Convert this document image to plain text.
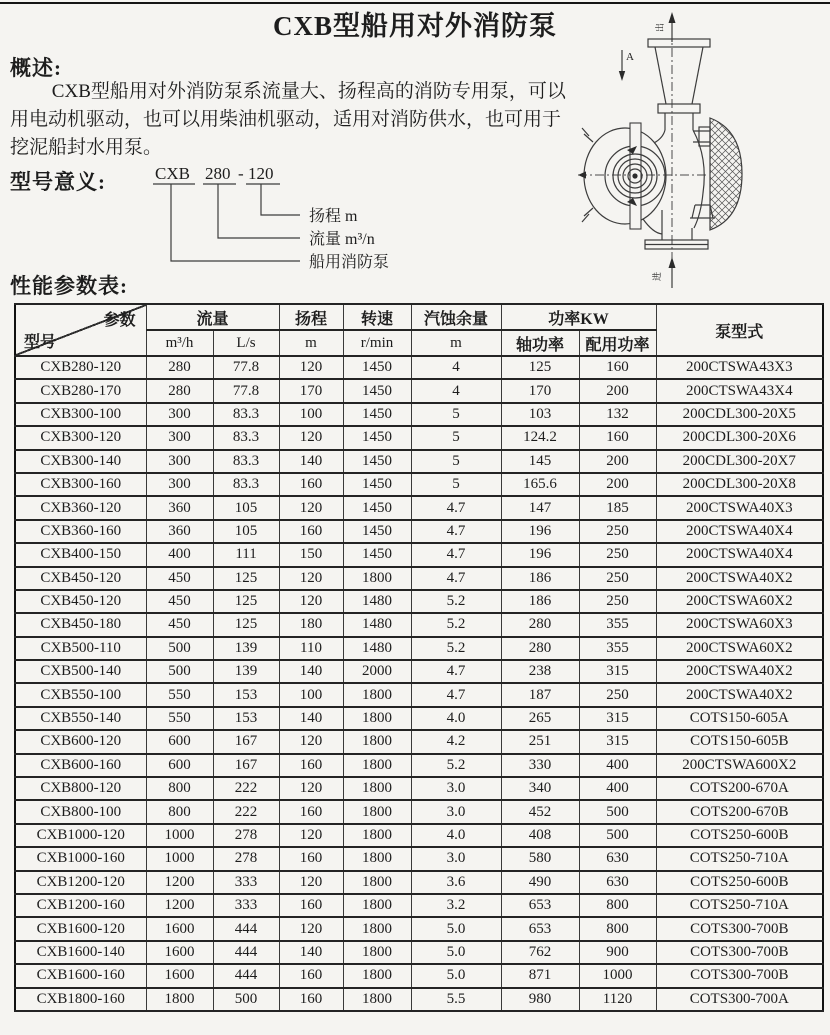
CXB型船用对外消防泵	出
A
进
概述:

CXB型船用对外消防泵系流量大、扬程高的消防专用泵，可以用电动机驱动，也可以用柴油机驱动，适用对消防供水，也可用于挖泥船封水用泵。

型号意义:	CXB 280 - 120
扬程 m
流量 m³/n
船用消防泵
性能参数表:
参数
型号	流量		扬程	转速	汽蚀余量	功率KW		泵型式
	m³/h	L/s	m	r/min	m	轴功率	配用功率	
CXB280-120	280	77.8	120	1450	4	125	160	200CTSWA43X3
CXB280-170	280	77.8	170	1450	4	170	200	200CTSWA43X4
CXB300-100	300	83.3	100	1450	5	103	132	200CDL300-20X5
CXB300-120	300	83.3	120	1450	5	124.2	160	200CDL300-20X6
CXB300-140	300	83.3	140	1450	5	145	200	200CDL300-20X7
CXB300-160	300	83.3	160	1450	5	165.6	200	200CDL300-20X8
CXB360-120	360	105	120	1450	4.7	147	185	200CTSWA40X3
CXB360-160	360	105	160	1450	4.7	196	250	200CTSWA40X4
CXB400-150	400	111	150	1450	4.7	196	250	200CTSWA40X4
CXB450-120	450	125	120	1800	4.7	186	250	200CTSWA40X2
CXB450-120	450	125	120	1480	5.2	186	250	200CTSWA60X2
CXB450-180	450	125	180	1480	5.2	280	355	200CTSWA60X3
CXB500-110	500	139	110	1480	5.2	280	355	200CTSWA60X2
CXB500-140	500	139	140	2000	4.7	238	315	200CTSWA40X2
CXB550-100	550	153	100	1800	4.7	187	250	200CTSWA40X2
CXB550-140	550	153	140	1800	4.0	265	315	COTS150-605A
CXB600-120	600	167	120	1800	4.2	251	315	COTS150-605B
CXB600-160	600	167	160	1800	5.2	330	400	200CTSWA600X2
CXB800-120	800	222	120	1800	3.0	340	400	COTS200-670A
CXB800-100	800	222	160	1800	3.0	452	500	COTS200-670B
CXB1000-120	1000	278	120	1800	4.0	408	500	COTS250-600B
CXB1000-160	1000	278	160	1800	3.0	580	630	COTS250-710A
CXB1200-120	1200	333	120	1800	3.6	490	630	COTS250-600B
CXB1200-160	1200	333	160	1800	3.2	653	800	COTS250-710A
CXB1600-120	1600	444	120	1800	5.0	653	800	COTS300-700B
CXB1600-140	1600	444	140	1800	5.0	762	900	COTS300-700B
CXB1600-160	1600	444	160	1800	5.0	871	1000	COTS300-700B
CXB1800-160	1800	500	160	1800	5.5	980	1120	COTS300-700A
